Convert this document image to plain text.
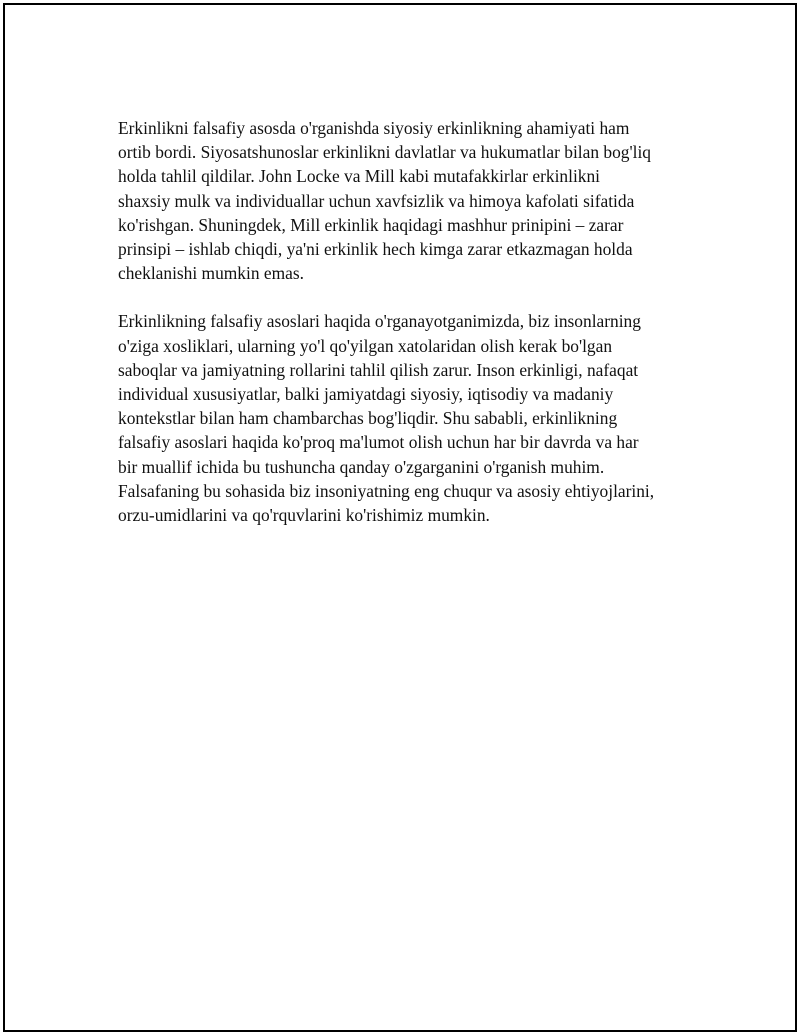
Erkinlikni falsafiy asosda o'rganishda siyosiy erkinlikning ahamiyati ham
ortib bordi. Siyosatshunoslar erkinlikni davlatlar va hukumatlar bilan bog'liq
holda tahlil qildilar. John Locke va Mill kabi mutafakkirlar erkinlikni
shaxsiy mulk va individuallar uchun xavfsizlik va himoya kafolati sifatida
ko'rishgan. Shuningdek, Mill erkinlik haqidagi mashhur prinipini – zarar
prinsipi – ishlab chiqdi, ya'ni erkinlik hech kimga zarar etkazmagan holda
cheklanishi mumkin emas.
Erkinlikning falsafiy asoslari haqida o'rganayotganimizda, biz insonlarning
o'ziga xosliklari, ularning yo'l qo'yilgan xatolaridan olish kerak bo'lgan
saboqlar va jamiyatning rollarini tahlil qilish zarur. Inson erkinligi, nafaqat
individual xususiyatlar, balki jamiyatdagi siyosiy, iqtisodiy va madaniy
kontekstlar bilan ham chambarchas bog'liqdir. Shu sababli, erkinlikning
falsafiy asoslari haqida ko'proq ma'lumot olish uchun har bir davrda va har
bir muallif ichida bu tushuncha qanday o'zgarganini o'rganish muhim.
Falsafaning bu sohasida biz insoniyatning eng chuqur va asosiy ehtiyojlarini,
orzu-umidlarini va qo'rquvlarini ko'rishimiz mumkin.
